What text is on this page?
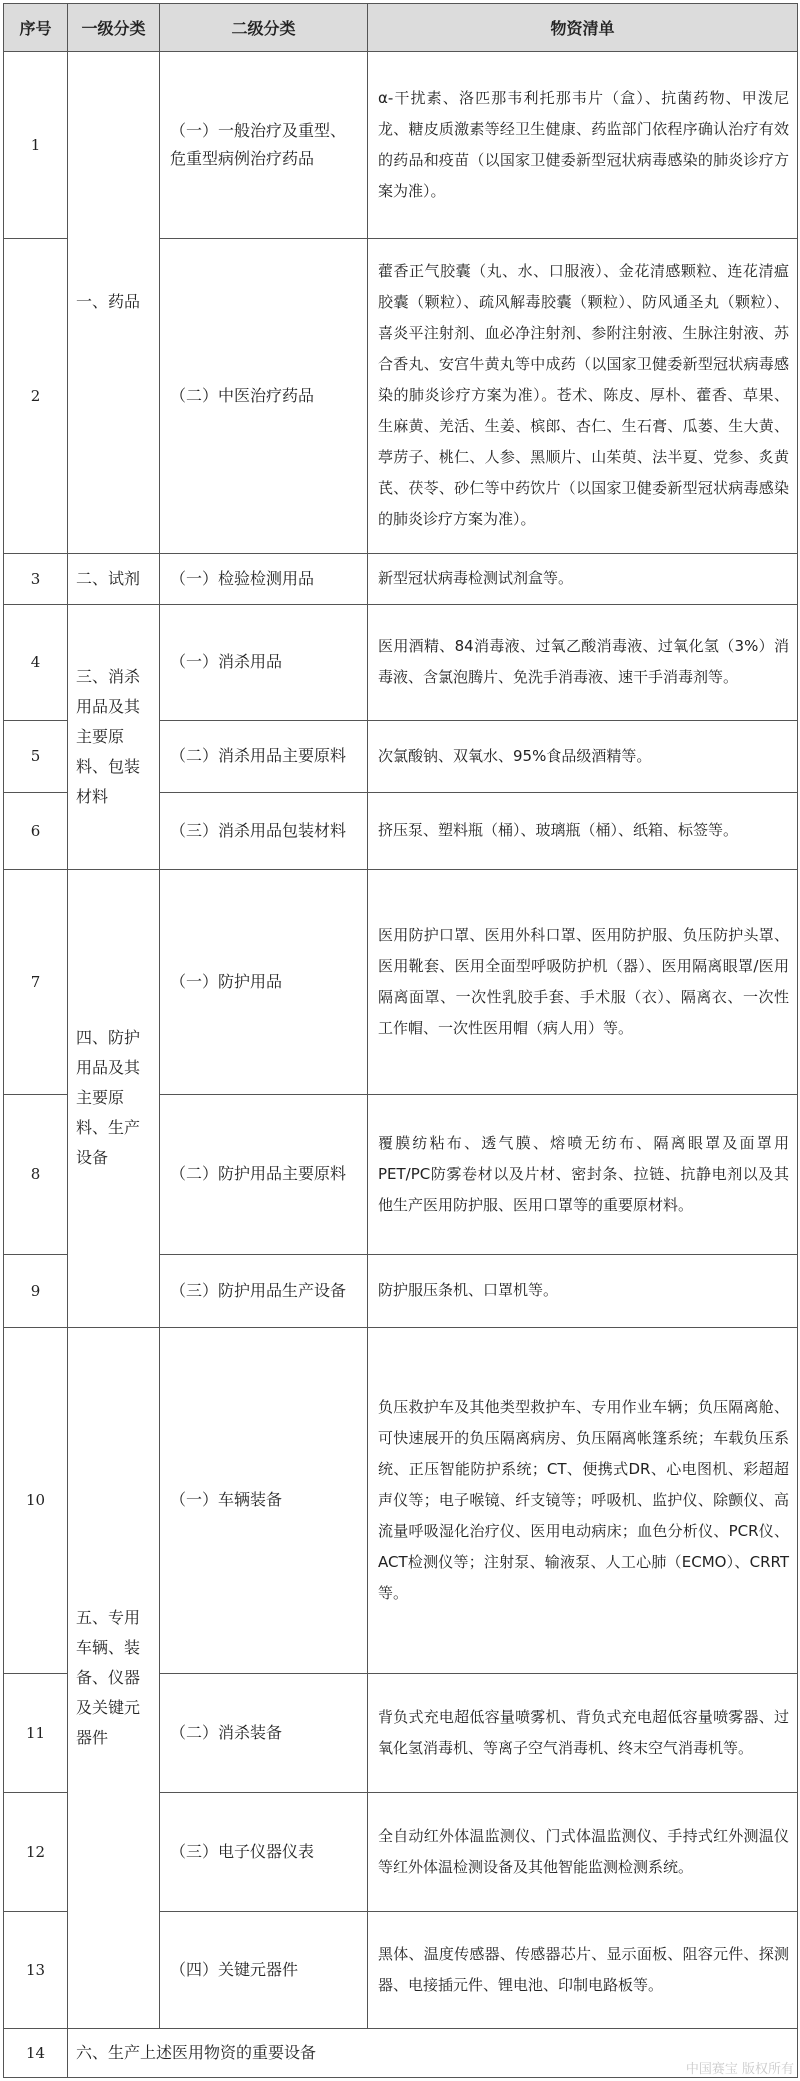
序号	一级分类	二级分类	物资清单
1	一、药品	（一）一般治疗及重型、危重型病例治疗药品	α-干扰素、洛匹那韦利托那韦片（盒）、抗菌药物、甲泼尼龙、糖皮质激素等经卫生健康、药监部门依程序确认治疗有效的药品和疫苗（以国家卫健委新型冠状病毒感染的肺炎诊疗方案为准）。
2		（二）中医治疗药品	藿香正气胶囊（丸、水、口服液）、金花清感颗粒、连花清瘟胶囊（颗粒）、疏风解毒胶囊（颗粒）、防风通圣丸（颗粒）、喜炎平注射剂、血必净注射剂、参附注射液、生脉注射液、苏合香丸、安宫牛黄丸等中成药（以国家卫健委新型冠状病毒感染的肺炎诊疗方案为准）。苍术、陈皮、厚朴、藿香、草果、生麻黄、羌活、生姜、槟郎、杏仁、生石膏、瓜蒌、生大黄、葶苈子、桃仁、人参、黑顺片、山茱萸、法半夏、党参、炙黄芪、茯苓、砂仁等中药饮片（以国家卫健委新型冠状病毒感染的肺炎诊疗方案为准）。
3	二、试剂	（一）检验检测用品	新型冠状病毒检测试剂盒等。
4	三、消杀用品及其主要原料、包装材料	（一）消杀用品	医用酒精、84消毒液、过氧乙酸消毒液、过氧化氢（3%）消毒液、含氯泡腾片、免洗手消毒液、速干手消毒剂等。
5		（二）消杀用品主要原料	次氯酸钠、双氧水、95%食品级酒精等。
6		（三）消杀用品包装材料	挤压泵、塑料瓶（桶）、玻璃瓶（桶）、纸箱、标签等。
7	四、防护用品及其主要原料、生产设备	（一）防护用品	医用防护口罩、医用外科口罩、医用防护服、负压防护头罩、医用靴套、医用全面型呼吸防护机（器）、医用隔离眼罩/医用隔离面罩、一次性乳胶手套、手术服（衣）、隔离衣、一次性工作帽、一次性医用帽（病人用）等。
8		（二）防护用品主要原料	覆膜纺粘布、透气膜、熔喷无纺布、隔离眼罩及面罩用PET/PC防雾卷材以及片材、密封条、拉链、抗静电剂以及其他生产医用防护服、医用口罩等的重要原材料。
9		（三）防护用品生产设备	防护服压条机、口罩机等。
10	五、专用车辆、装备、仪器及关键元器件	（一）车辆装备	负压救护车及其他类型救护车、专用作业车辆；负压隔离舱、可快速展开的负压隔离病房、负压隔离帐篷系统；车载负压系统、正压智能防护系统；CT、便携式DR、心电图机、彩超超声仪等；电子喉镜、纤支镜等；呼吸机、监护仪、除颤仪、高流量呼吸湿化治疗仪、医用电动病床；血色分析仪、PCR仪、ACT检测仪等；注射泵、输液泵、人工心肺（ECMO）、CRRT等。
11		（二）消杀装备	背负式充电超低容量喷雾机、背负式充电超低容量喷雾器、过氧化氢消毒机、等离子空气消毒机、终末空气消毒机等。
12		（三）电子仪器仪表	全自动红外体温监测仪、门式体温监测仪、手持式红外测温仪等红外体温检测设备及其他智能监测检测系统。
13		（四）关键元器件	黑体、温度传感器、传感器芯片、显示面板、阻容元件、探测器、电接插元件、锂电池、印制电路板等。
14	六、生产上述医用物资的重要设备		
中国赛宝 版权所有
